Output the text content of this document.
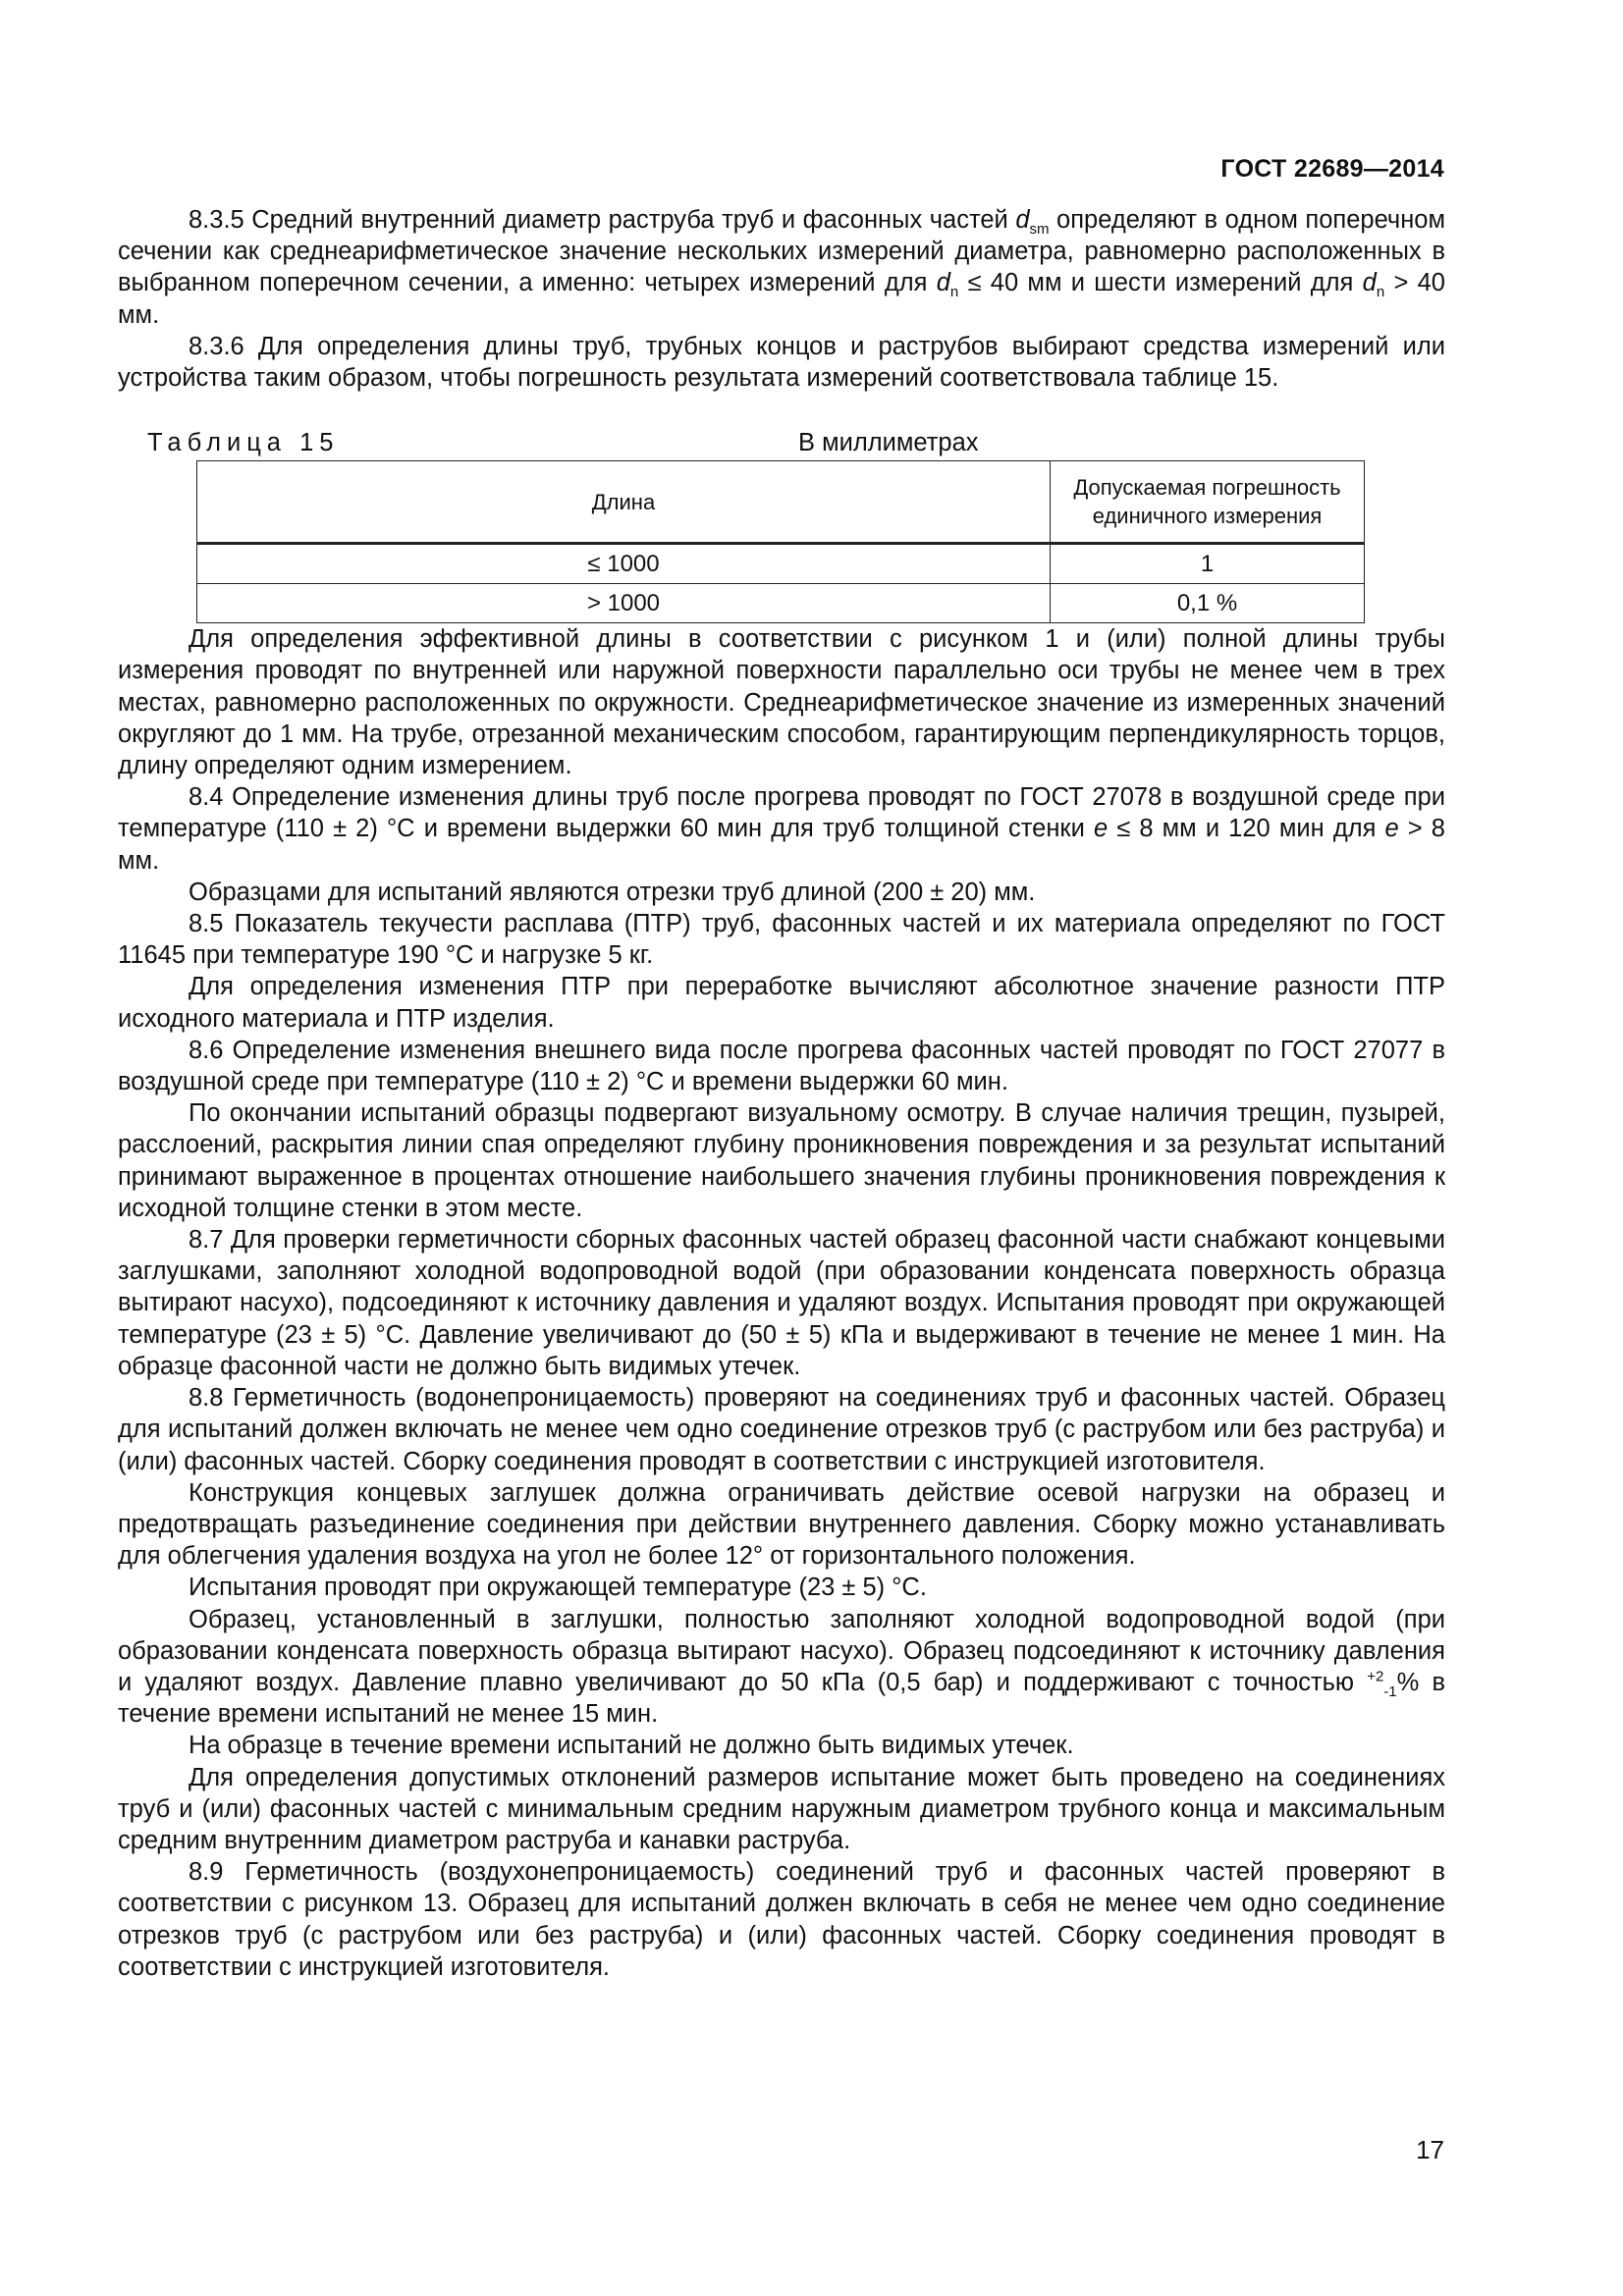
ГОСТ 22689—2014

8.3.5 Средний внутренний диаметр раструба труб и фасонных частей $d_{sm}$ определяют в одном поперечном сечении как среднеарифметическое значение нескольких измерений диаметра, равномерно расположенных в выбранном поперечном сечении, а именно: четырех измерений для $d_n \le 40$ мм и шести измерений для $d_n > 40$ мм.

8.3.6 Для определения длины труб, трубных концов и раструбов выбирают средства измерений или устройства таким образом, чтобы погрешность результата измерений соответствовала таблице 15.

Таблица 15	В миллиметрах
Длина	Допускаемая погрешность единичного измерения
≤ 1000	1
> 1000	0,1 %

Для определения эффективной длины в соответствии с рисунком 1 и (или) полной длины трубы измерения проводят по внутренней или наружной поверхности параллельно оси трубы не менее чем в трех местах, равномерно расположенных по окружности. Среднеарифметическое значение из измеренных значений округляют до 1 мм. На трубе, отрезанной механическим способом, гарантирующим перпендикулярность торцов, длину определяют одним измерением.

8.4 Определение изменения длины труб после прогрева проводят по ГОСТ 27078 в воздушной среде при температуре (110 ± 2) °С и времени выдержки 60 мин для труб толщиной стенки e ≤ 8 мм и 120 мин для e > 8 мм.

Образцами для испытаний являются отрезки труб длиной (200 ± 20) мм.

8.5 Показатель текучести расплава (ПТР) труб, фасонных частей и их материала определяют по ГОСТ 11645 при температуре 190 °С и нагрузке 5 кг.

Для определения изменения ПТР при переработке вычисляют абсолютное значение разности ПТР исходного материала и ПТР изделия.

8.6 Определение изменения внешнего вида после прогрева фасонных частей проводят по ГОСТ 27077 в воздушной среде при температуре (110 ± 2) °С и времени выдержки 60 мин.

По окончании испытаний образцы подвергают визуальному осмотру. В случае наличия трещин, пузырей, расслоений, раскрытия линии спая определяют глубину проникновения повреждения и за результат испытаний принимают выраженное в процентах отношение наибольшего значения глубины проникновения повреждения к исходной толщине стенки в этом месте.

8.7 Для проверки герметичности сборных фасонных частей образец фасонной части снабжают концевыми заглушками, заполняют холодной водопроводной водой (при образовании конденсата поверхность образца вытирают насухо), подсоединяют к источнику давления и удаляют воздух. Испытания проводят при окружающей температуре (23 ± 5) °С. Давление увеличивают до (50 ± 5) кПа и выдерживают в течение не менее 1 мин. На образце фасонной части не должно быть видимых утечек.

8.8 Герметичность (водонепроницаемость) проверяют на соединениях труб и фасонных частей. Образец для испытаний должен включать не менее чем одно соединение отрезков труб (с раструбом или без раструба) и (или) фасонных частей. Сборку соединения проводят в соответствии с инструкцией изготовителя.

Конструкция концевых заглушек должна ограничивать действие осевой нагрузки на образец и предотвращать разъединение соединения при действии внутреннего давления. Сборку можно устанавливать для облегчения удаления воздуха на угол не более 12° от горизонтального положения.

Испытания проводят при окружающей температуре (23 ± 5) °С.

Образец, установленный в заглушки, полностью заполняют холодной водопроводной водой (при образовании конденсата поверхность образца вытирают насухо). Образец подсоединяют к источнику давления и удаляют воздух. Давление плавно увеличивают до 50 кПа (0,5 бар) и поддерживают с точностью $^{+2}_{-1}$% в течение времени испытаний не менее 15 мин.

На образце в течение времени испытаний не должно быть видимых утечек.

Для определения допустимых отклонений размеров испытание может быть проведено на соединениях труб и (или) фасонных частей с минимальным средним наружным диаметром трубного конца и максимальным средним внутренним диаметром раструба и канавки раструба.

8.9 Герметичность (воздухонепроницаемость) соединений труб и фасонных частей проверяют в соответствии с рисунком 13. Образец для испытаний должен включать в себя не менее чем одно соединение отрезков труб (с раструбом или без раструба) и (или) фасонных частей. Сборку соединения проводят в соответствии с инструкцией изготовителя.

17
